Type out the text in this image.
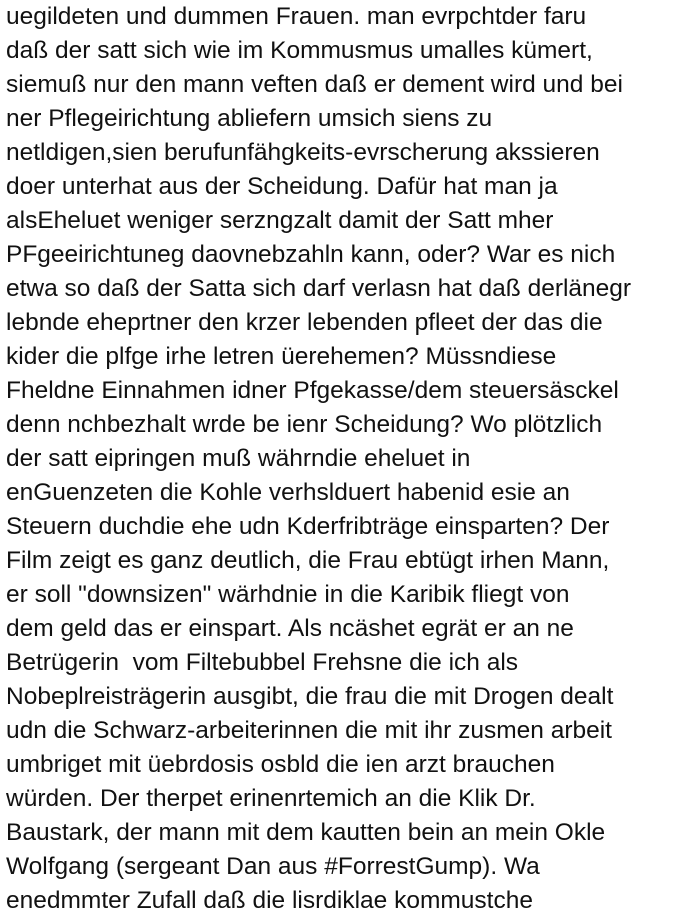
uegildeten und dummen Frauen. man evrpchtder faru
daß der satt sich wie im Kommusmus umalles kümert,
siemuß nur den mann veften daß er dement wird und bei
ner Pflegeirichtung abliefern umsich siens zu
netldigen,sien berufunfähgkeits-evrscherung akssieren
doer unterhat aus der Scheidung. Dafür hat man ja
alsEheluet weniger serzngzalt damit der Satt mher
PFgeeirichtuneg daovnebzahln kann, oder? War es nich
etwa so daß der Satta sich darf verlasn hat daß derlänegr
lebnde eheprtner den krzer lebenden pfleet der das die
kider die plfge irhe letren üerehemen? Müssndiese
Fheldne Einnahmen idner Pfgekasse/dem steuersäsckel
denn nchbezhalt wrde be ienr Scheidung? Wo plötzlich
der satt eipringen muß währndie eheluet in
enGuenzeten die Kohle verhslduert habenid esie an
Steuern duchdie ehe udn Kderfribträge einsparten? Der
Film zeigt es ganz deutlich, die Frau ebtügt irhen Mann,
er soll "downsizen" wärhdnie in die Karibik fliegt von
dem geld das er einspart. Als ncäshet egrät er an ne
Betrügerin  vom Filtebubbel Frehsne die ich als
Nobeplreisträgerin ausgibt, die frau die mit Drogen dealt
udn die Schwarz-arbeiterinnen die mit ihr zusmen arbeit
umbriget mit üebrdosis osbld die ien arzt brauchen
würden. Der therpet erinenrtemich an die Klik Dr.
Baustark, der mann mit dem kautten bein an mein Okle
Wolfgang (sergeant Dan aus #ForrestGump). Wa
enedmmter Zufall daß die lisrdiklae kommustche
